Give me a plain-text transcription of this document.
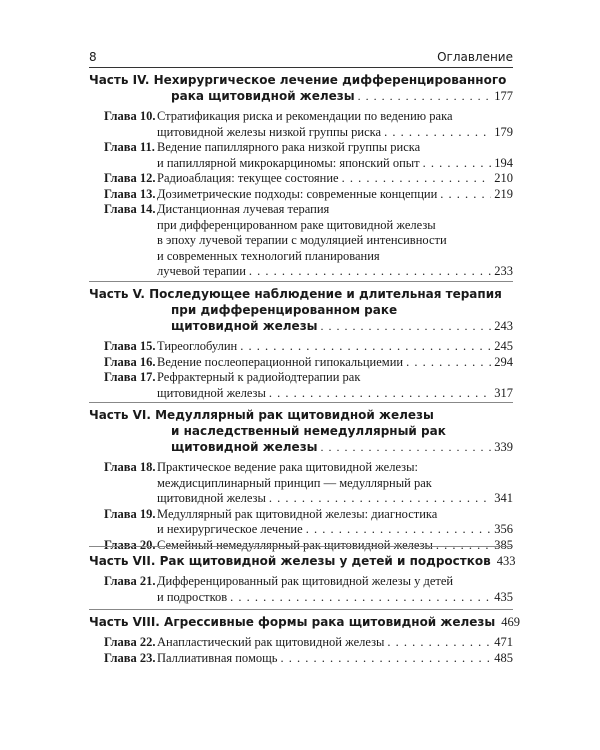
8	Оглавление
Часть IV. Нехирургическое лечение дифференцированного
рака щитовидной железы . . .	177
Глава 10. Стратификация риска и рекомендации по ведению рака
щитовидной железы низкой группы риска . . .	179
Глава 11. Ведение папиллярного рака низкой группы риска
и папиллярной микрокарциномы: японский опыт . . .	194
Глава 12. Радиоаблация: текущее состояние . . .	210
Глава 13. Дозиметрические подходы: современные концепции . . .	219
Глава 14. Дистанционная лучевая терапия
при дифференцированном раке щитовидной железы
в эпоху лучевой терапии с модуляцией интенсивности
и современных технологий планирования
лучевой терапии . . .	233
Часть V. Последующее наблюдение и длительная терапия
при дифференцированном раке
щитовидной железы . . .	243
Глава 15. Тиреоглобулин . . .	245
Глава 16. Ведение послеоперационной гипокальциемии . . .	294
Глава 17. Рефрактерный к радиойодтерапии рак
щитовидной железы . . .	317
Часть VI. Медуллярный рак щитовидной железы
и наследственный немедуллярный рак
щитовидной железы . . .	339
Глава 18. Практическое ведение рака щитовидной железы:
междисциплинарный принцип — медуллярный рак
щитовидной железы . . .	341
Глава 19. Медуллярный рак щитовидной железы: диагностика
и нехирургическое лечение . . .	356
Глава 20. Семейный немедуллярный рак щитовидной железы . . .	385
Часть VII. Рак щитовидной железы у детей и подростков 433
Глава 21. Дифференцированный рак щитовидной железы у детей
и подростков . . .	435
Часть VIII. Агрессивные формы рака щитовидной железы 469
Глава 22. Анапластический рак щитовидной железы . . .	471
Глава 23. Паллиативная помощь . . .	485
